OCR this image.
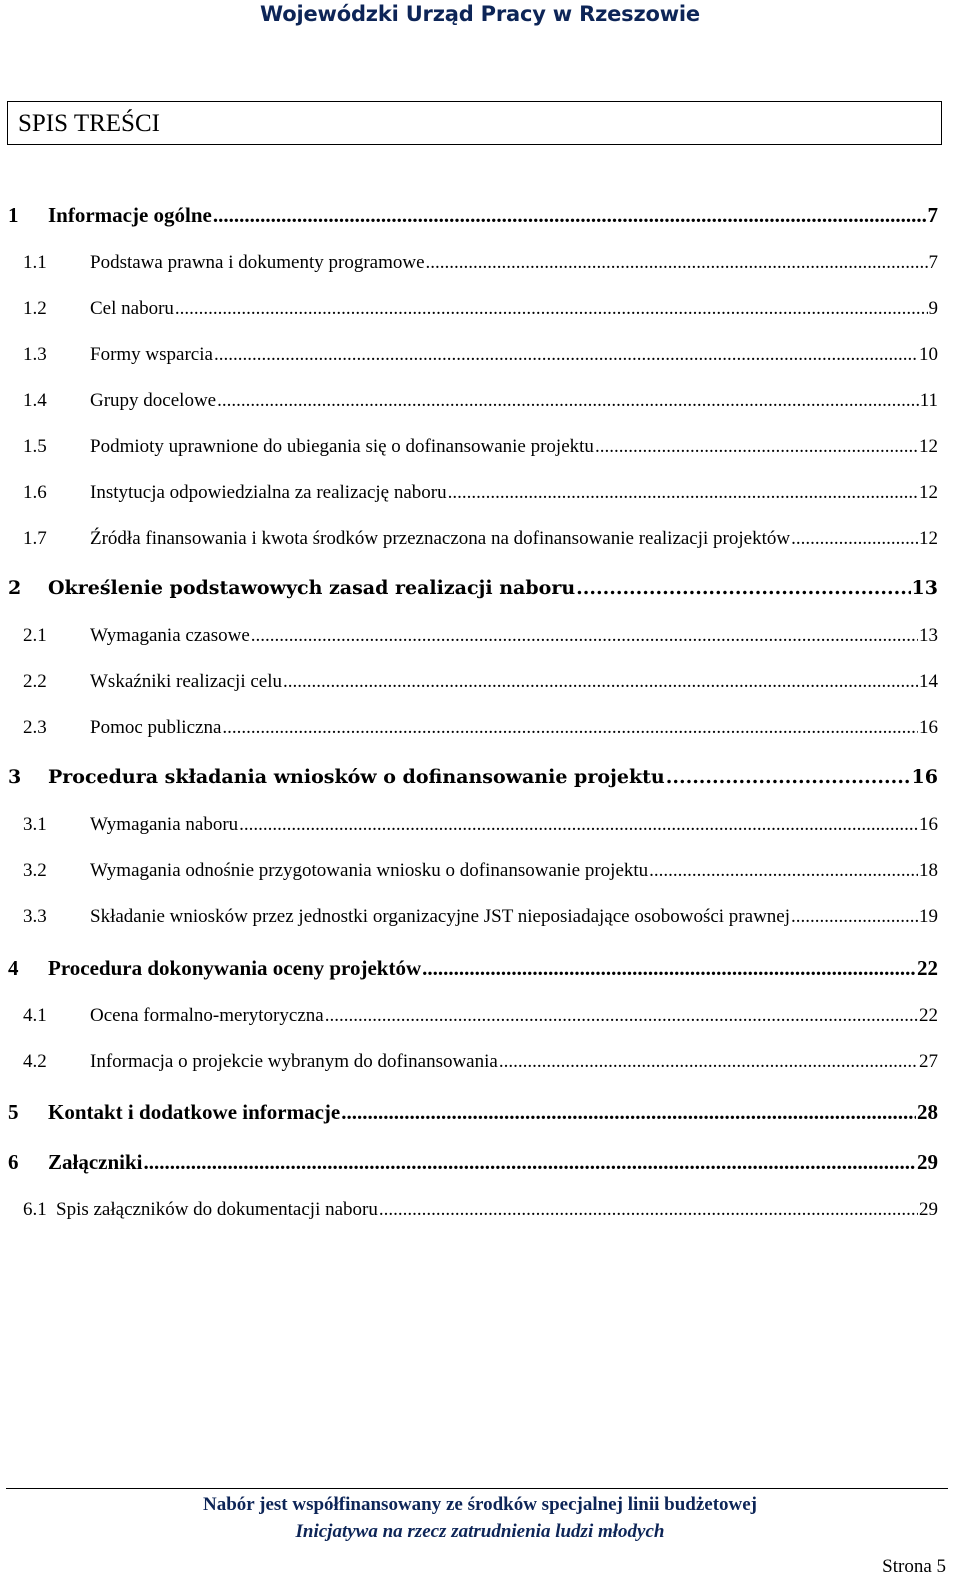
Wojewódzki Urząd Pracy w Rzeszowie
SPIS TREŚCI
1	Informacje ogólne .....	7
1.1	Podstawa prawna i dokumenty programowe .....	7
1.2	Cel naboru .....	9
1.3	Formy wsparcia .....	10
1.4	Grupy docelowe .....	11
1.5	Podmioty uprawnione do ubiegania się o dofinansowanie projektu .....	12
1.6	Instytucja odpowiedzialna za realizację naboru .....	12
1.7	Źródła finansowania i kwota środków przeznaczona na dofinansowanie realizacji projektów .....	12
2	Określenie podstawowych zasad realizacji naboru .....	13
2.1	Wymagania czasowe .....	13
2.2	Wskaźniki realizacji celu .....	14
2.3	Pomoc publiczna .....	16
3	Procedura składania wniosków o dofinansowanie projektu .....	16
3.1	Wymagania naboru .....	16
3.2	Wymagania odnośnie przygotowania wniosku o dofinansowanie projektu .....	18
3.3	Składanie wniosków przez jednostki organizacyjne JST nieposiadające osobowości prawnej .....	19
4	Procedura dokonywania oceny projektów .....	22
4.1	Ocena formalno-merytoryczna .....	22
4.2	Informacja o projekcie wybranym do dofinansowania .....	27
5	Kontakt i dodatkowe informacje .....	28
6	Załączniki .....	29
6.1 Spis załączników do dokumentacji naboru .....	29
Nabór jest współfinansowany ze środków specjalnej linii budżetowej
Inicjatywa na rzecz zatrudnienia ludzi młodych
Strona 5
